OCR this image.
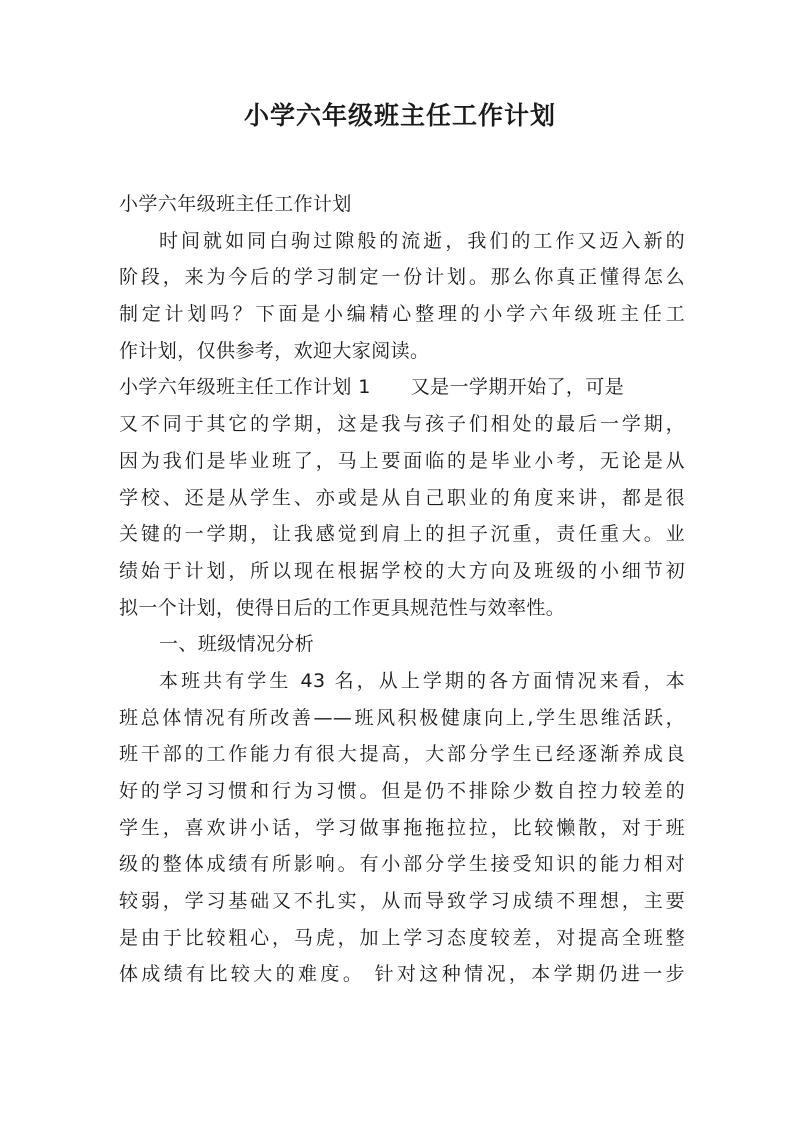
小学六年级班主任工作计划
小学六年级班主任工作计划
时间就如同白驹过隙般的流逝，我们的工作又迈入新的
阶段，来为今后的学习制定一份计划。那么你真正懂得怎么
制定计划吗？下面是小编精心整理的小学六年级班主任工
作计划，仅供参考，欢迎大家阅读。
小学六年级班主任工作计划 1 又是一学期开始了，可是
又不同于其它的学期，这是我与孩子们相处的最后一学期，
因为我们是毕业班了，马上要面临的是毕业小考，无论是从
学校、还是从学生、亦或是从自己职业的角度来讲，都是很
关键的一学期，让我感觉到肩上的担子沉重，责任重大。业
绩始于计划，所以现在根据学校的大方向及班级的小细节初
拟一个计划，使得日后的工作更具规范性与效率性。
一、班级情况分析
本班共有学生 43 名，从上学期的各方面情况来看，本
班总体情况有所改善——班风积极健康向上,学生思维活跃，
班干部的工作能力有很大提高，大部分学生已经逐渐养成良
好的学习习惯和行为习惯。但是仍不排除少数自控力较差的
学生，喜欢讲小话，学习做事拖拖拉拉，比较懒散，对于班
级的整体成绩有所影响。有小部分学生接受知识的能力相对
较弱，学习基础又不扎实，从而导致学习成绩不理想，主要
是由于比较粗心，马虎，加上学习态度较差，对提高全班整
体成绩有比较大的难度。 针对这种情况，本学期仍进一步
